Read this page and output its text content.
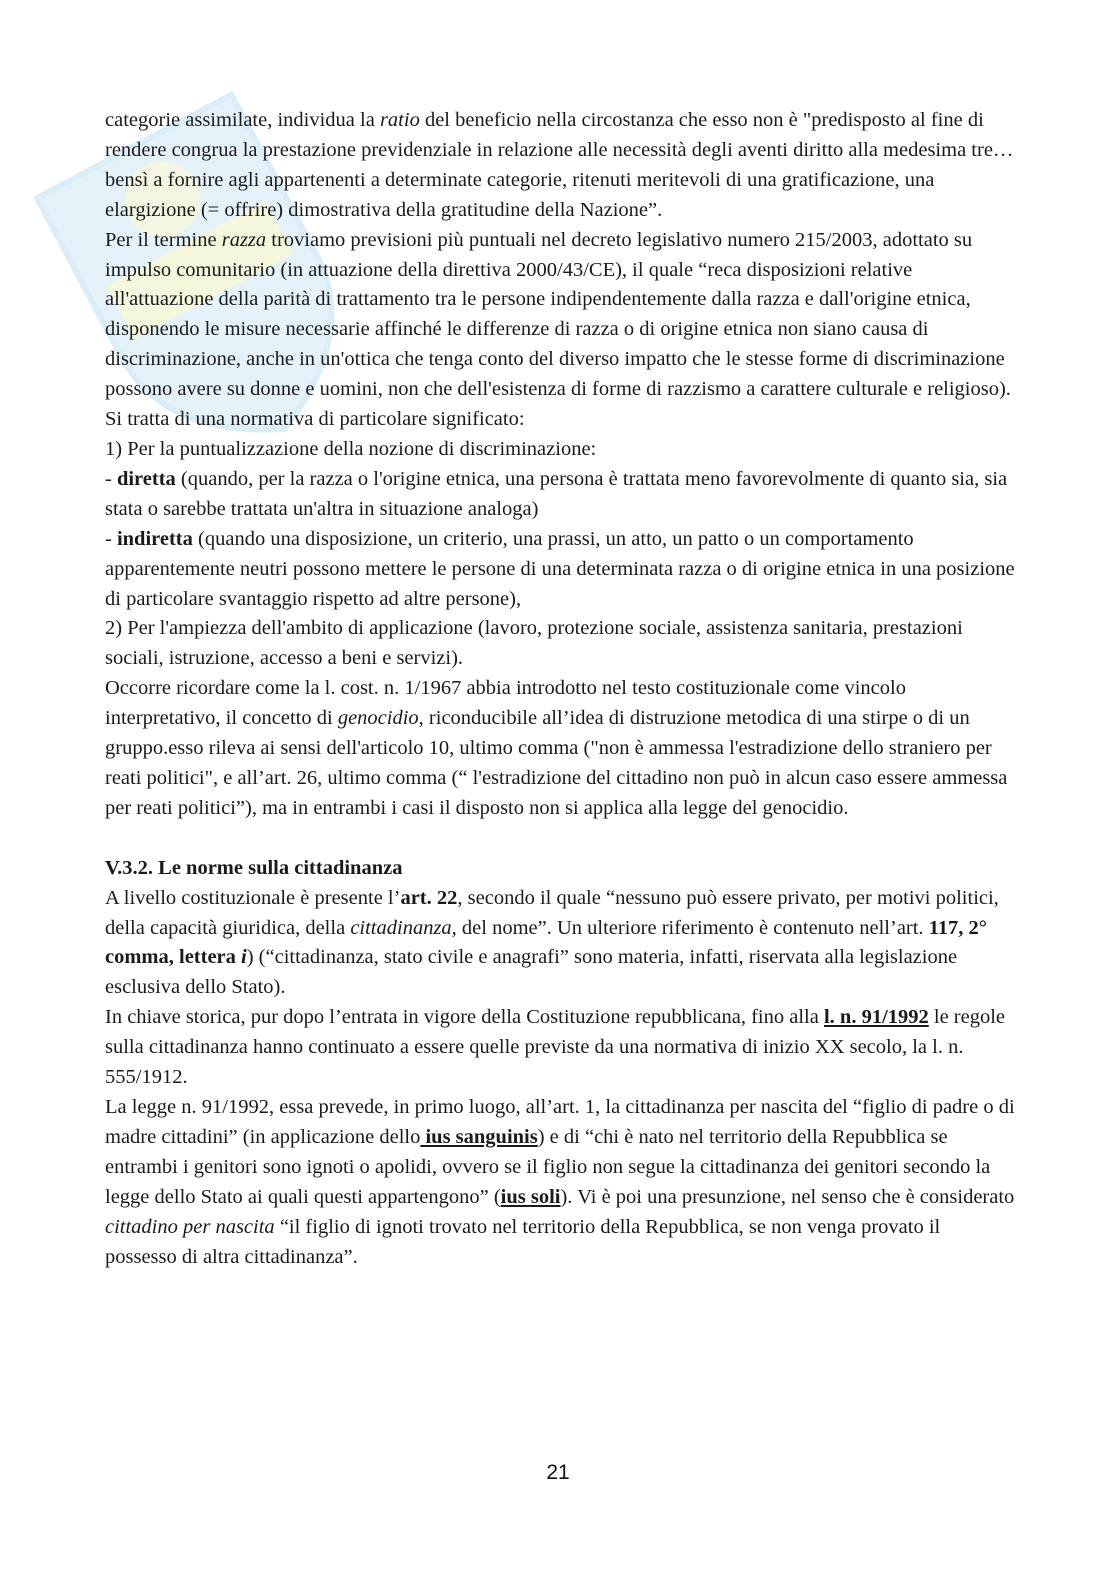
categorie assimilate, individua la ratio del beneficio nella circostanza che esso non è "predisposto al fine di rendere congrua la prestazione previdenziale in relazione alle necessità degli aventi diritto alla medesima tre… bensì a fornire agli appartenenti a determinate categorie, ritenuti meritevoli di una gratificazione, una elargizione (= offrire) dimostrativa della gratitudine della Nazione”.

Per il termine razza troviamo previsioni più puntuali nel decreto legislativo numero 215/2003, adottato su impulso comunitario (in attuazione della direttiva 2000/43/CE), il quale “reca disposizioni relative all'attuazione della parità di trattamento tra le persone indipendentemente dalla razza e dall'origine etnica, disponendo le misure necessarie affinché le differenze di razza o di origine etnica non siano causa di discriminazione, anche in un'ottica che tenga conto del diverso impatto che le stesse forme di discriminazione possono avere su donne e uomini, non che dell'esistenza di forme di razzismo a carattere culturale e religioso).

Si tratta di una normativa di particolare significato:

1) Per la puntualizzazione della nozione di discriminazione:

- diretta (quando, per la razza o l'origine etnica, una persona è trattata meno favorevolmente di quanto sia, sia stata o sarebbe trattata un'altra in situazione analoga)

- indiretta (quando una disposizione, un criterio, una prassi, un atto, un patto o un comportamento apparentemente neutri possono mettere le persone di una determinata razza o di origine etnica in una posizione di particolare svantaggio rispetto ad altre persone),

2) Per l'ampiezza dell'ambito di applicazione (lavoro, protezione sociale, assistenza sanitaria, prestazioni sociali, istruzione, accesso a beni e servizi).

Occorre ricordare come la l. cost. n. 1/1967 abbia introdotto nel testo costituzionale come vincolo interpretativo, il concetto di genocidio, riconducibile all’idea di distruzione metodica di una stirpe o di un gruppo.esso rileva ai sensi dell'articolo 10, ultimo comma ("non è ammessa l'estradizione dello straniero per reati politici", e all’art. 26, ultimo comma (“ l'estradizione del cittadino non può in alcun caso essere ammessa per reati politici”), ma in entrambi i casi il disposto non si applica alla legge del genocidio.

V.3.2. Le norme sulla cittadinanza

A livello costituzionale è presente l’art. 22, secondo il quale “nessuno può essere privato, per motivi politici, della capacità giuridica, della cittadinanza, del nome”. Un ulteriore riferimento è contenuto nell’art. 117, 2° comma, lettera i) (“cittadinanza, stato civile e anagrafi” sono materia, infatti, riservata alla legislazione esclusiva dello Stato).

In chiave storica, pur dopo l’entrata in vigore della Costituzione repubblicana, fino alla l. n. 91/1992 le regole sulla cittadinanza hanno continuato a essere quelle previste da una normativa di inizio XX secolo, la l. n. 555/1912.

La legge n. 91/1992, essa prevede, in primo luogo, all’art. 1, la cittadinanza per nascita del “figlio di padre o di madre cittadini” (in applicazione dello ius sanguinis) e di “chi è nato nel territorio della Repubblica se entrambi i genitori sono ignoti o apolidi, ovvero se il figlio non segue la cittadinanza dei genitori secondo la legge dello Stato ai quali questi appartengono” (ius soli). Vi è poi una presunzione, nel senso che è considerato cittadino per nascita “il figlio di ignoti trovato nel territorio della Repubblica, se non venga provato il possesso di altra cittadinanza”.

21
